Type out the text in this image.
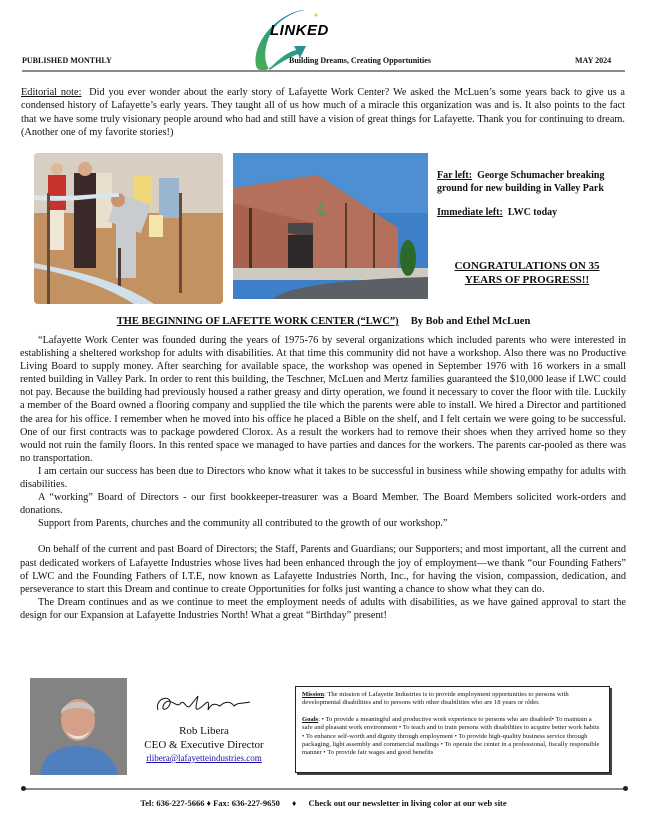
LINKED
PUBLISHED MONTHLY	Building Dreams, Creating Opportunities	MAY 2024
Editorial note: Did you ever wonder about the early story of Lafayette Work Center? We asked the McLuen’s some years back to give us a condensed history of Lafayette’s early years. They taught all of us how much of a miracle this organization was and is. It also points to the fact that we have some truly visionary people around who had and still have a vision of great things for Lafayette. Thank you for continuing to dream. (Another one of my favorite stories!)
Far left: George Schumacher breaking ground for new building in Valley Park
Immediate left: LWC today
CONGRATULATIONS ON 35 YEARS OF PROGRESS!!
THE BEGINNING OF LAFETTE WORK CENTER (“LWC”) By Bob and Ethel McLuen

“Lafayette Work Center was founded during the years of 1975-76 by several organizations which included parents who were interested in establishing a sheltered workshop for adults with disabilities. At that time this community did not have a workshop. Also there was no Productive Living Board to supply money. After searching for available space, the workshop was opened in September 1976 with 16 workers in a small rented building in Valley Park. In order to rent this building, the Teschner, McLuen and Mertz families guaranteed the $10,000 lease if LWC could not pay. Because the building had previously housed a rather greasy and dirty operation, we found it necessary to cover the floor with tile. Luckily a member of the Board owned a flooring company and supplied the tile which the parents were able to install. We hired a Director and partitioned the area for his office. I remember when he moved into his office he placed a Bible on the shelf, and I felt certain we were going to be successful. One of our first contracts was to package powdered Clorox. As a result the workers had to remove their shoes when they arrived home so they would not ruin the family floors. In this rented space we managed to have parties and dances for the workers. The parents car-pooled as there was no transportation.

I am certain our success has been due to Directors who know what it takes to be successful in business while showing empathy for adults with disabilities.

A “working” Board of Directors - our first bookkeeper-treasurer was a Board Member. The Board Members solicited work-orders and donations.

Support from Parents, churches and the community all contributed to the growth of our workshop.”

On behalf of the current and past Board of Directors; the Staff, Parents and Guardians; our Supporters; and most important, all the current and past dedicated workers of Lafayette Industries whose lives had been enhanced through the joy of employment—we thank “our Founding Fathers” of LWC and the Founding Fathers of I.T.E, now known as Lafayette Industries North, Inc., for having the vision, compassion, dedication, and perseverance to start this Dream and continue to create Opportunities for folks just wanting a chance to show what they can do.

The Dream continues and as we continue to meet the employment needs of adults with disabilities, as we have gained approval to start the design for our Expansion at Lafayette Industries North! What a great “Birthday” present!

Rob Libera
CEO & Executive Director
rlibera@lafayetteindustries.com

Mission: The mission of Lafayette Industries is to provide employment opportunities to persons with developmental disabilities and to persons with other disabilities who are 18 years or older.

Goals: • To provide a meaningful and productive work experience to persons who are disabled• To maintain a safe and pleasant work environment • To teach and to train persons with disabilities to acquire better work habits • To enhance self-worth and dignity through employment • To provide high-quality business service through packaging, light assembly and commercial mailings • To operate the center in a professional, fiscally responsible manner • To provide fair wages and good benefits

Tel: 636-227-5666 ♦ Fax: 636-227-9650 ♦ Check out our newsletter in living color at our web site
